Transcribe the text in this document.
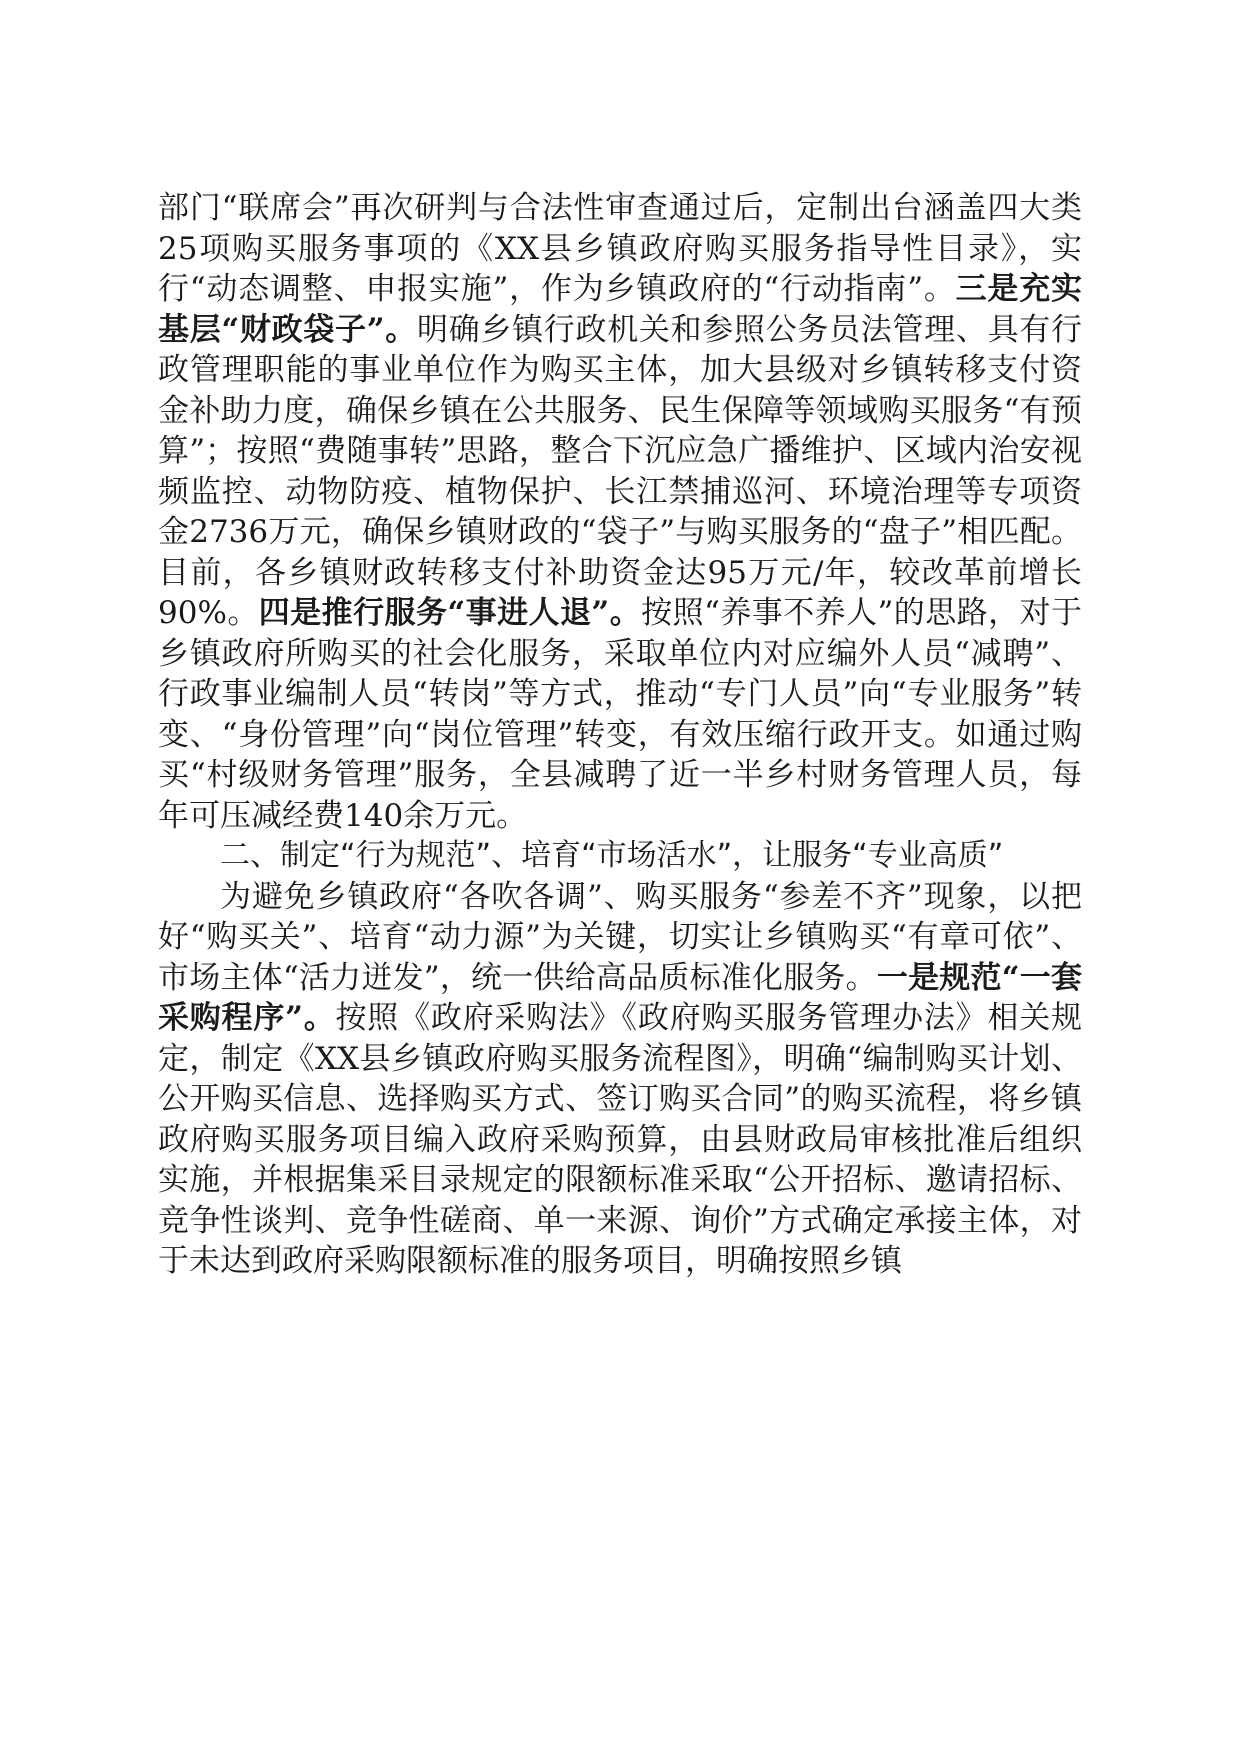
部门“联席会”再次研判与合法性审查通过后，定制出台涵盖四大类25项购买服务事项的《XX县乡镇政府购买服务指导性目录》，实行“动态调整、申报实施”，作为乡镇政府的“行动指南”。三是充实基层“财政袋子”。明确乡镇行政机关和参照公务员法管理、具有行政管理职能的事业单位作为购买主体，加大县级对乡镇转移支付资金补助力度，确保乡镇在公共服务、民生保障等领域购买服务“有预算”；按照“费随事转”思路，整合下沉应急广播维护、区域内治安视频监控、动物防疫、植物保护、长江禁捕巡河、环境治理等专项资金2736万元，确保乡镇财政的“袋子”与购买服务的“盘子”相匹配。目前，各乡镇财政转移支付补助资金达95万元/年，较改革前增长90%。四是推行服务“事进人退”。按照“养事不养人”的思路，对于乡镇政府所购买的社会化服务，采取单位内对应编外人员“减聘”、行政事业编制人员“转岗”等方式，推动“专门人员”向“专业服务”转变、“身份管理”向“岗位管理”转变，有效压缩行政开支。如通过购买“村级财务管理”服务，全县减聘了近一半乡村财务管理人员，每年可压减经费140余万元。

二、制定“行为规范”、培育“市场活水”，让服务“专业高质”

为避免乡镇政府“各吹各调”、购买服务“参差不齐”现象，以把好“购买关”、培育“动力源”为关键，切实让乡镇购买“有章可依”、市场主体“活力迸发”，统一供给高品质标准化服务。一是规范“一套采购程序”。按照《政府采购法》《政府购买服务管理办法》相关规定，制定《XX县乡镇政府购买服务流程图》，明确“编制购买计划、公开购买信息、选择购买方式、签订购买合同”的购买流程，将乡镇政府购买服务项目编入政府采购预算，由县财政局审核批准后组织实施，并根据集采目录规定的限额标准采取“公开招标、邀请招标、竞争性谈判、竞争性磋商、单一来源、询价”方式确定承接主体，对于未达到政府采购限额标准的服务项目，明确按照乡镇
